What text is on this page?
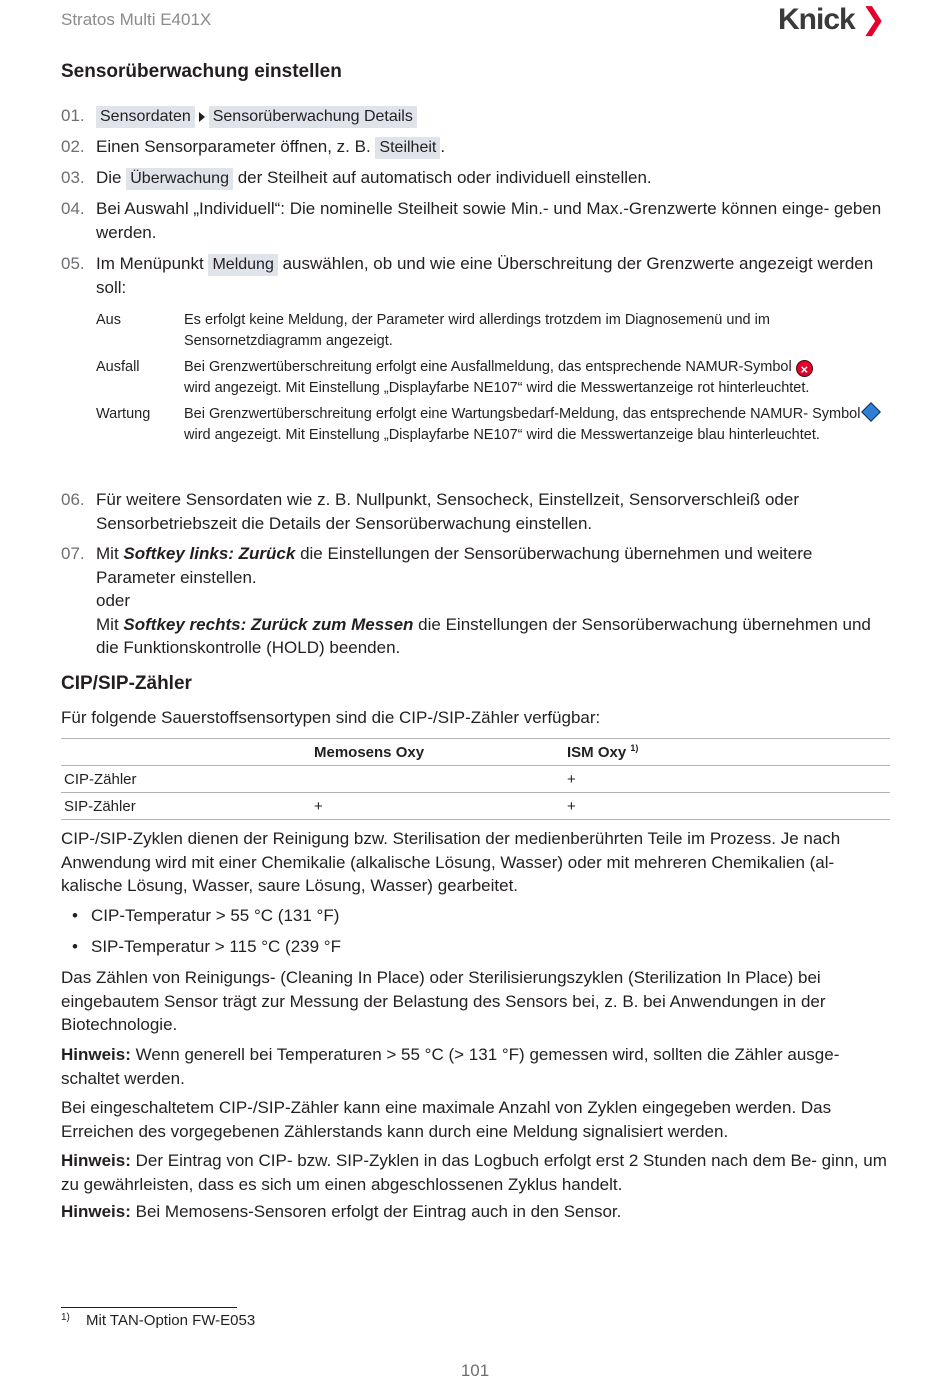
Stratos Multi E401X	Knick ❯
Sensorüberwachung einstellen
01. Sensordaten Sensorüberwachung Details
02. Einen Sensorparameter öffnen, z. B. Steilheit .
03. Die Überwachung der Steilheit auf automatisch oder individuell einstellen.
04. Bei Auswahl „Individuell“: Die nominelle Steilheit sowie Min.- und Max.-Grenzwerte können einge- geben werden.
05. Im Menüpunkt Meldung auswählen, ob und wie eine Überschreitung der Grenzwerte angezeigt werden soll:
Aus	Es erfolgt keine Meldung, der Parameter wird allerdings trotzdem im Diagnosemenü und im Sensornetzdiagramm angezeigt.
Ausfall	Bei Grenzwertüberschreitung erfolgt eine Ausfallmeldung, das entsprechende NAMUR-Symbol ×
wird angezeigt. Mit Einstellung „Displayfarbe NE107“ wird die Messwertanzeige rot hinterleuchtet.
Wartung	Bei Grenzwertüberschreitung erfolgt eine Wartungsbedarf-Meldung, das entsprechende NAMUR- Symbolwird angezeigt. Mit Einstellung „Displayfarbe NE107“ wird die Messwertanzeige blau hinterleuchtet.
06. Für weitere Sensordaten wie z. B. Nullpunkt, Sensocheck, Einstellzeit, Sensorverschleiß oder Sensorbetriebszeit die Details der Sensorüberwachung einstellen.
07. Mit Softkey links: Zurück die Einstellungen der Sensorüberwachung übernehmen und weitere Parameter einstellen.
oder
Mit Softkey rechts: Zurück zum Messen die Einstellungen der Sensorüberwachung übernehmen und die Funktionskontrolle (HOLD) beenden.
CIP/SIP-Zähler
Für folgende Sauerstoffsensortypen sind die CIP-/SIP-Zähler verfügbar:
	Memosens Oxy	ISM Oxy $^{1)}$
CIP-Zähler		+
SIP-Zähler	+	+
CIP-/SIP-Zyklen dienen der Reinigung bzw. Sterilisation der medienberührten Teile im Prozess. Je nach Anwendung wird mit einer Chemikalie (alkalische Lösung, Wasser) oder mit mehreren Chemikalien (al- kalische Lösung, Wasser, saure Lösung, Wasser) gearbeitet.
• CIP-Temperatur > 55 °C (131 °F)
• SIP-Temperatur > 115 °C (239 °F
Das Zählen von Reinigungs- (Cleaning In Place) oder Sterilisierungszyklen (Sterilization In Place) bei eingebautem Sensor trägt zur Messung der Belastung des Sensors bei, z. B. bei Anwendungen in der Biotechnologie.
Hinweis: Wenn generell bei Temperaturen > 55 °C (> 131 °F) gemessen wird, sollten die Zähler ausge- schaltet werden.
Bei eingeschaltetem CIP-/SIP-Zähler kann eine maximale Anzahl von Zyklen eingegeben werden. Das Erreichen des vorgegebenen Zählerstands kann durch eine Meldung signalisiert werden.
Hinweis: Der Eintrag von CIP- bzw. SIP-Zyklen in das Logbuch erfolgt erst 2 Stunden nach dem Be- ginn, um zu gewährleisten, dass es sich um einen abgeschlossenen Zyklus handelt.
Hinweis: Bei Memosens-Sensoren erfolgt der Eintrag auch in den Sensor.
1)	Mit TAN-Option FW-E053
101
